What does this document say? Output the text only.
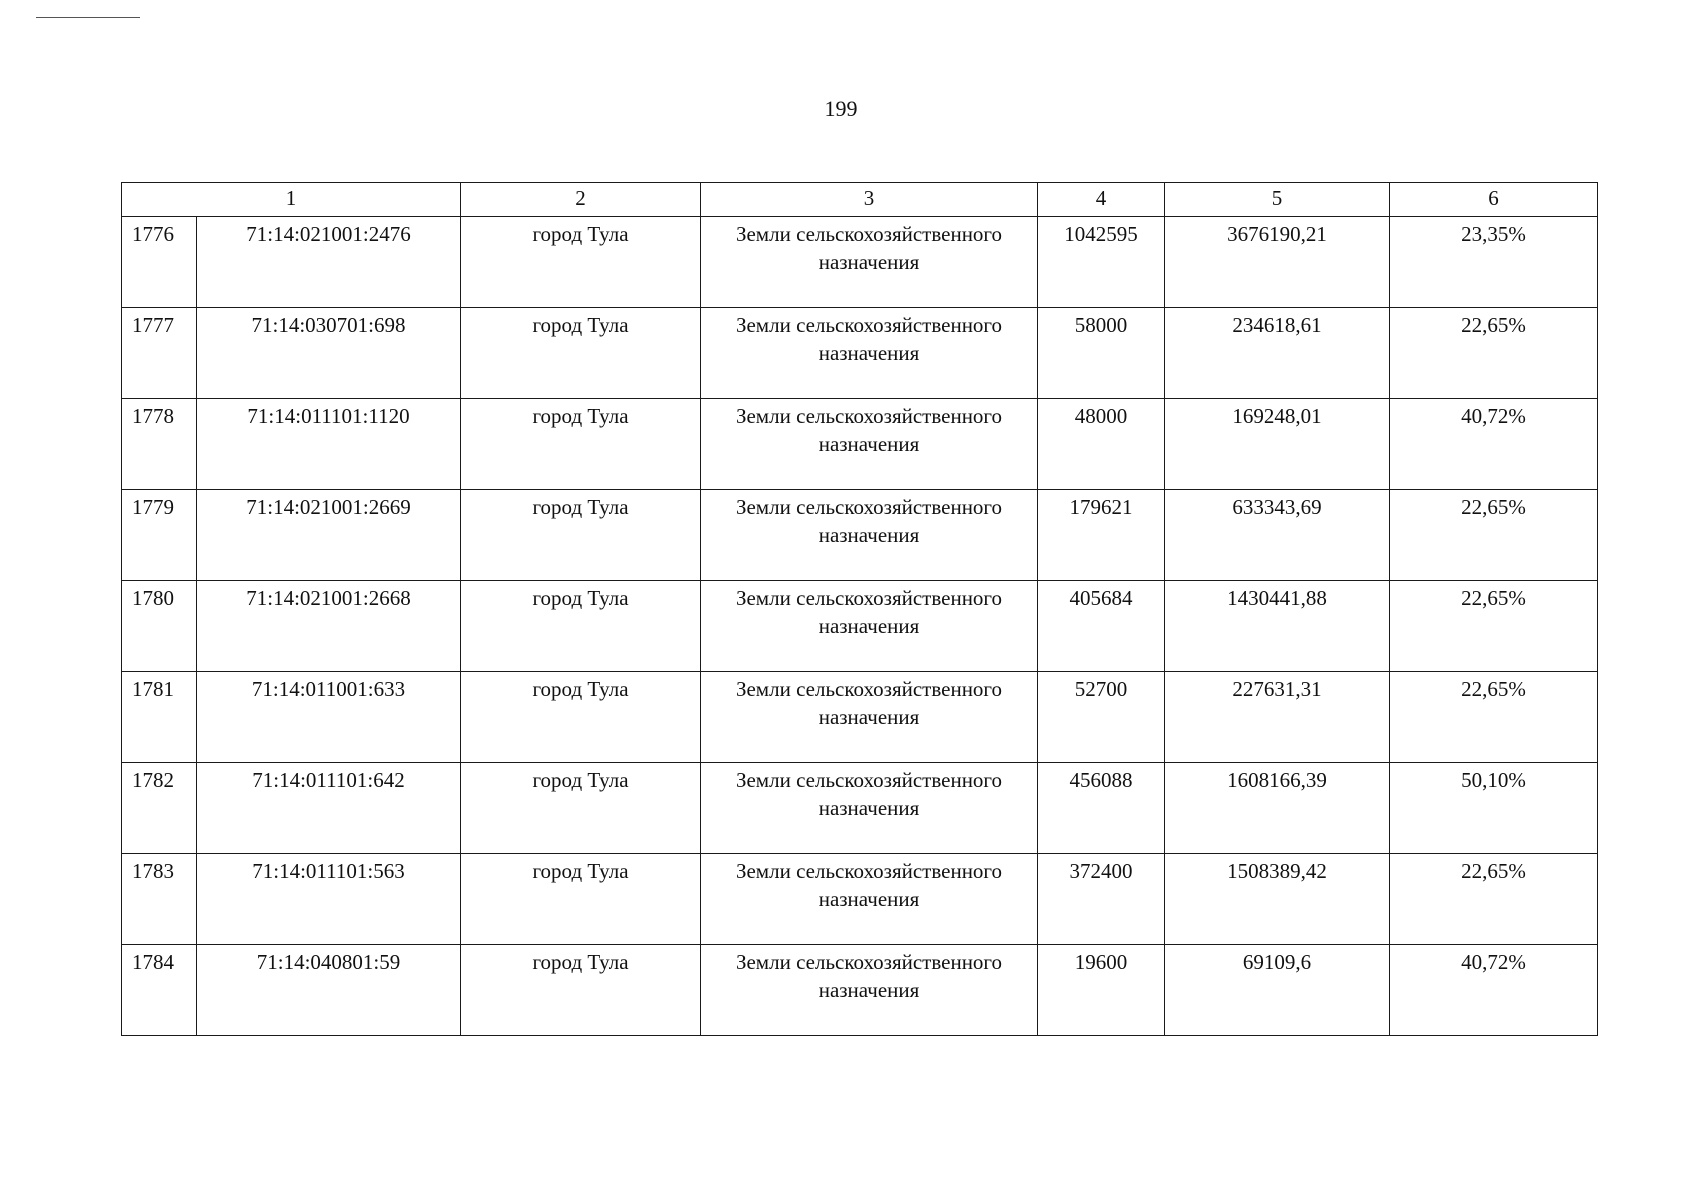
199
1		2	3	4	5	6
1776	71:14:021001:2476	город Тула	Земли сельскохозяйственного назначения	1042595	3676190,21	23,35%
1777	71:14:030701:698	город Тула	Земли сельскохозяйственного назначения	58000	234618,61	22,65%
1778	71:14:011101:1120	город Тула	Земли сельскохозяйственного назначения	48000	169248,01	40,72%
1779	71:14:021001:2669	город Тула	Земли сельскохозяйственного назначения	179621	633343,69	22,65%
1780	71:14:021001:2668	город Тула	Земли сельскохозяйственного назначения	405684	1430441,88	22,65%
1781	71:14:011001:633	город Тула	Земли сельскохозяйственного назначения	52700	227631,31	22,65%
1782	71:14:011101:642	город Тула	Земли сельскохозяйственного назначения	456088	1608166,39	50,10%
1783	71:14:011101:563	город Тула	Земли сельскохозяйственного назначения	372400	1508389,42	22,65%
1784	71:14:040801:59	город Тула	Земли сельскохозяйственного назначения	19600	69109,6	40,72%
